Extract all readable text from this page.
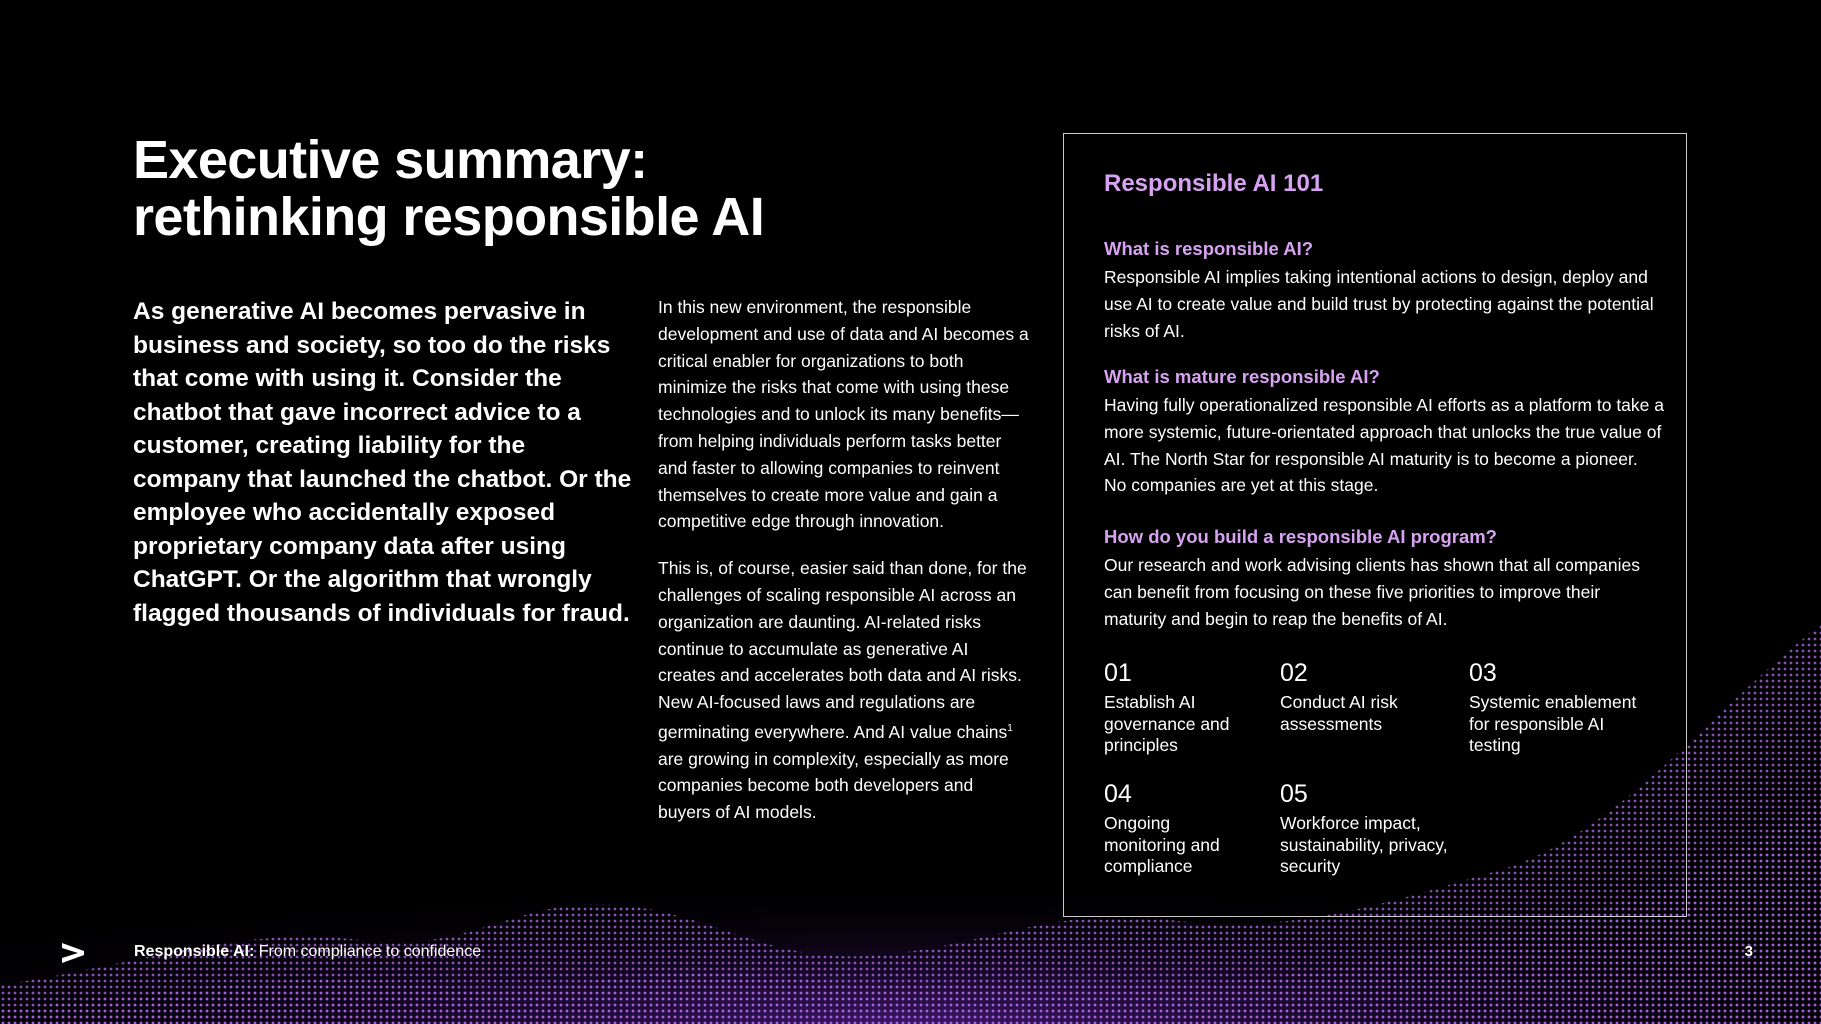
Executive summary:
rethinking responsible AI

As generative AI becomes pervasive in business and society, so too do the risks that come with using it. Consider the chatbot that gave incorrect advice to a customer, creating liability for the company that launched the chatbot. Or the employee who accidentally exposed proprietary company data after using ChatGPT. Or the algorithm that wrongly flagged thousands of individuals for fraud.

In this new environment, the responsible development and use of data and AI becomes a critical enabler for organizations to both minimize the risks that come with using these technologies and to unlock its many benefits—from helping individuals perform tasks better and faster to allowing companies to reinvent themselves to create more value and gain a competitive edge through innovation.

This is, of course, easier said than done, for the challenges of scaling responsible AI across an organization are daunting. AI-related risks continue to accumulate as generative AI creates and accelerates both data and AI risks. New AI-focused laws and regulations are germinating everywhere. And AI value chains$^1$ are growing in complexity, especially as more companies become both developers and buyers of AI models.

Responsible AI 101
What is responsible AI?

Responsible AI implies taking intentional actions to design, deploy and use AI to create value and build trust by protecting against the potential risks of AI.

What is mature responsible AI?

Having fully operationalized responsible AI efforts as a platform to take a more systemic, future-orientated approach that unlocks the true value of AI. The North Star for responsible AI maturity is to become a pioneer. No companies are yet at this stage.

How do you build a responsible AI program?

Our research and work advising clients has shown that all companies can benefit from focusing on these five priorities to improve their maturity and begin to reap the benefits of AI.

01
Establish AI governance and principles
02
Conduct AI risk assessments
03
Systemic enablement for responsible AI testing
04
Ongoing monitoring and compliance
05
Workforce impact, sustainability, privacy, security
Responsible AI: From compliance to confidence	3
